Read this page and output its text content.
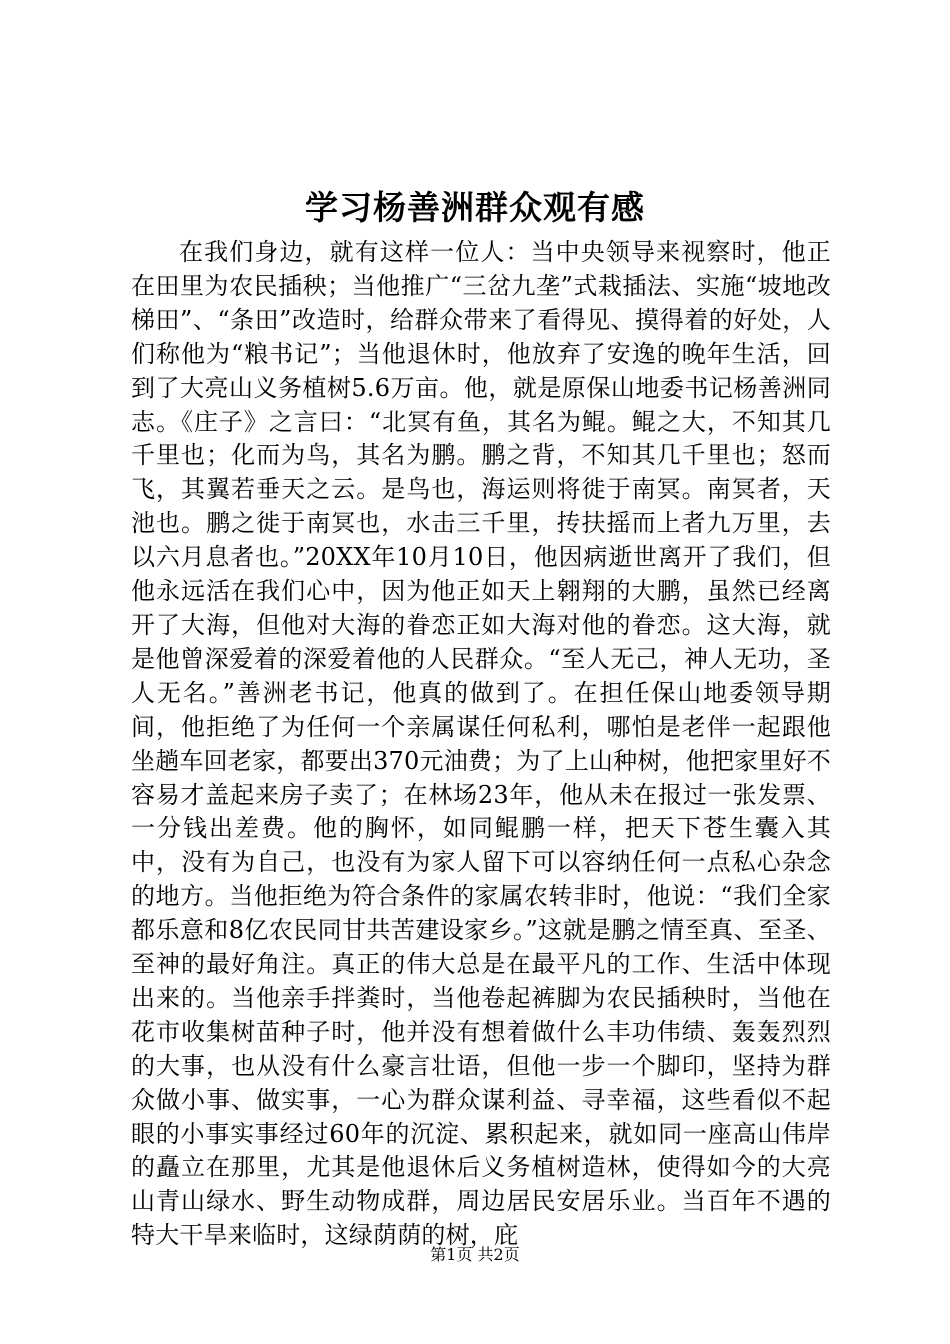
学习杨善洲群众观有感

在我们身边，就有这样一位人：当中央领导来视察时，他正在田里为农民插秧；当他推广“三岔九垄”式栽插法、实施“坡地改梯田”、“条田”改造时，给群众带来了看得见、摸得着的好处，人们称他为“粮书记”；当他退休时，他放弃了安逸的晚年生活，回到了大亮山义务植树5.6万亩。他，就是原保山地委书记杨善洲同志。《庄子》之言曰：“北冥有鱼，其名为鲲。鲲之大，不知其几千里也；化而为鸟，其名为鹏。鹏之背，不知其几千里也；怒而飞，其翼若垂天之云。是鸟也，海运则将徙于南冥。南冥者，天池也。鹏之徙于南冥也，水击三千里，抟扶摇而上者九万里，去以六月息者也。”20XX年10月10日，他因病逝世离开了我们，但他永远活在我们心中，因为他正如天上翱翔的大鹏，虽然已经离开了大海，但他对大海的眷恋正如大海对他的眷恋。这大海，就是他曾深爱着的深爱着他的人民群众。“至人无己，神人无功，圣人无名。”善洲老书记，他真的做到了。在担任保山地委领导期间，他拒绝了为任何一个亲属谋任何私利，哪怕是老伴一起跟他坐趟车回老家，都要出370元油费；为了上山种树，他把家里好不容易才盖起来房子卖了；在林场23年，他从未在报过一张发票、一分钱出差费。他的胸怀，如同鲲鹏一样，把天下苍生囊入其中，没有为自己，也没有为家人留下可以容纳任何一点私心杂念的地方。当他拒绝为符合条件的家属农转非时，他说：“我们全家都乐意和8亿农民同甘共苦建设家乡。”这就是鹏之情至真、至圣、至神的最好角注。真正的伟大总是在最平凡的工作、生活中体现出来的。当他亲手拌粪时，当他卷起裤脚为农民插秧时，当他在花市收集树苗种子时，他并没有想着做什么丰功伟绩、轰轰烈烈的大事，也从没有什么豪言壮语，但他一步一个脚印，坚持为群众做小事、做实事，一心为群众谋利益、寻幸福，这些看似不起眼的小事实事经过60年的沉淀、累积起来，就如同一座高山伟岸的矗立在那里，尤其是他退休后义务植树造林，使得如今的大亮山青山绿水、野生动物成群，周边居民安居乐业。当百年不遇的特大干旱来临时，这绿荫荫的树，庇

第1页 共2页
